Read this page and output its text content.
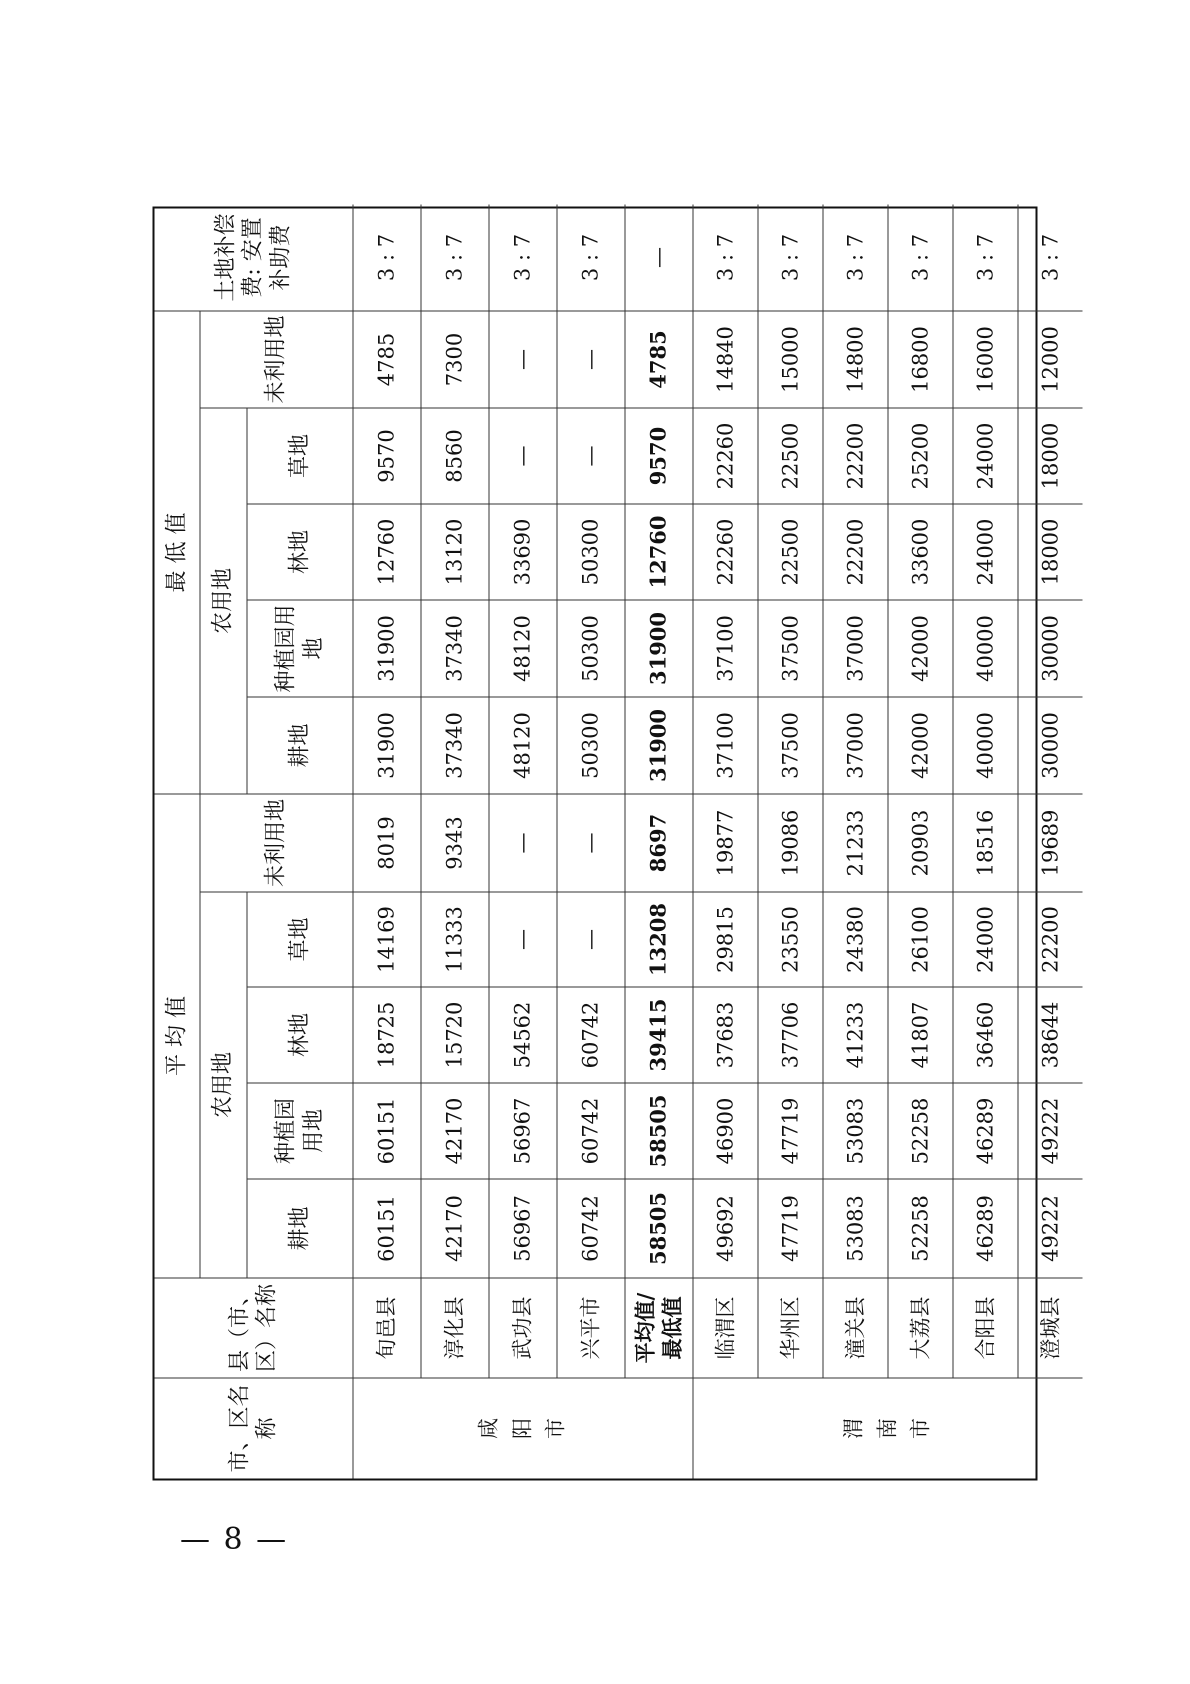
市、区名称
县（市、区）名称
平 均 值
最 低 值
土地补偿费: 安置补助费
农用地
未利用地
农用地
未利用地
耕地
种植园用地
林地
草地
耕地
种植园用地
林地
草地
咸阳市	渭南市
旬邑县
60151
60151
18725
14169
8019
31900
31900
12760
9570
4785
3 : 7
淳化县
42170
42170
15720
11333
9343
37340
37340
13120
8560
7300
3 : 7
武功县
56967
56967
54562
—
—
48120
48120
33690
—
—
3 : 7
兴平市
60742
60742
60742
—
—
50300
50300
50300
—
—
3 : 7
平均值/最低值
58505
58505
39415
13208
8697
31900
31900
12760
9570
4785
—
临渭区
49692
46900
37683
29815
19877
37100
37100
22260
22260
14840
3 : 7
华州区
47719
47719
37706
23550
19086
37500
37500
22500
22500
15000
3 : 7
潼关县
53083
53083
41233
24380
21233
37000
37000
22200
22200
14800
3 : 7
大荔县
52258
52258
41807
26100
20903
42000
42000
33600
25200
16800
3 : 7
合阳县
46289
46289
36460
24000
18516
40000
40000
24000
24000
16000
3 : 7
澄城县
49222
49222
38644
22200
19689
30000
30000
18000
18000
12000
3 : 7
— 8 —
